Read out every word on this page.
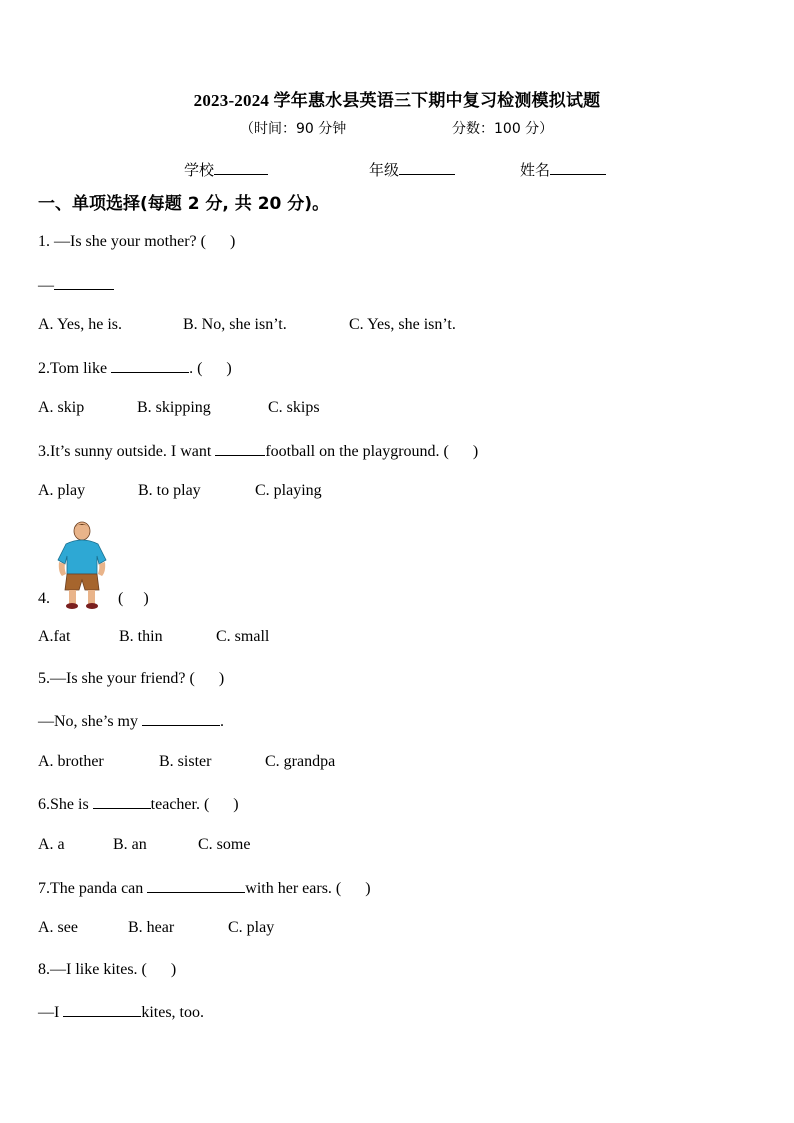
2023-2024 学年惠水县英语三下期中复习检测模拟试题
（时间：90 分钟	分数：100 分）
学校	年级	姓名
一、单项选择(每题 2 分, 共 20 分)。
1. —Is she your mother? ( )
—
A. Yes, he is.	B. No, she isn’t.	C. Yes, she isn’t.
2.Tom like	. ( )
A. skip	B. skipping	C. skips
3.It’s sunny outside. I want	football on the playground. ( )
A. play	B. to play	C. playing
4.	( )
A.fat	B. thin	C. small
5.—Is she your friend? ( )
—No, she’s my	.
A. brother	B. sister	C. grandpa
6.She is	teacher. ( )
A. a	B. an	C. some
7.The panda can	with her ears. ( )
A. see	B. hear	C. play
8.—I like kites. ( )
—I	kites, too.
